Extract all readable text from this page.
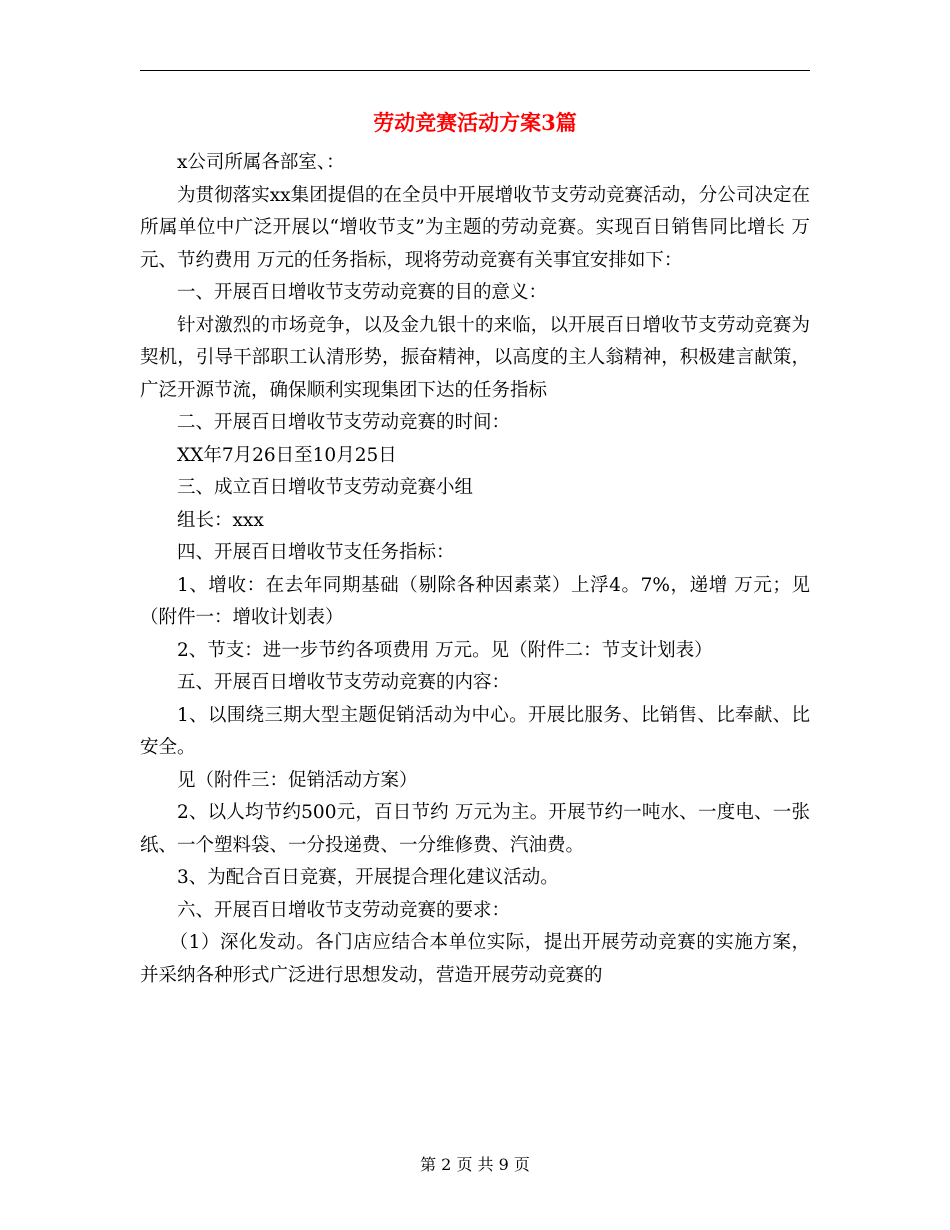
劳动竞赛活动方案3篇

x公司所属各部室、：

为贯彻落实xx集团提倡的在全员中开展增收节支劳动竞赛活动，分公司决定在所属单位中广泛开展以“增收节支”为主题的劳动竞赛。实现百日销售同比增长 万元、节约费用 万元的任务指标，现将劳动竞赛有关事宜安排如下：

一、开展百日增收节支劳动竞赛的目的意义：

针对激烈的市场竞争，以及金九银十的来临，以开展百日增收节支劳动竞赛为契机，引导干部职工认清形势，振奋精神，以高度的主人翁精神，积极建言献策，广泛开源节流，确保顺利实现集团下达的任务指标

二、开展百日增收节支劳动竞赛的时间：

XX年7月26日至10月25日

三、成立百日增收节支劳动竞赛小组

组长：xxx

四、开展百日增收节支任务指标：

1、增收：在去年同期基础（剔除各种因素菜）上浮4。7%，递增 万元；见（附件一：增收计划表）

2、节支：进一步节约各项费用 万元。见（附件二：节支计划表）

五、开展百日增收节支劳动竞赛的内容：

1、以围绕三期大型主题促销活动为中心。开展比服务、比销售、比奉献、比安全。

见（附件三：促销活动方案）

2、以人均节约500元，百日节约 万元为主。开展节约一吨水、一度电、一张纸、一个塑料袋、一分投递费、一分维修费、汽油费。

3、为配合百日竞赛，开展提合理化建议活动。

六、开展百日增收节支劳动竞赛的要求：

（1）深化发动。各门店应结合本单位实际，提出开展劳动竞赛的实施方案，并采纳各种形式广泛进行思想发动，营造开展劳动竞赛的

第 2 页 共 9 页
